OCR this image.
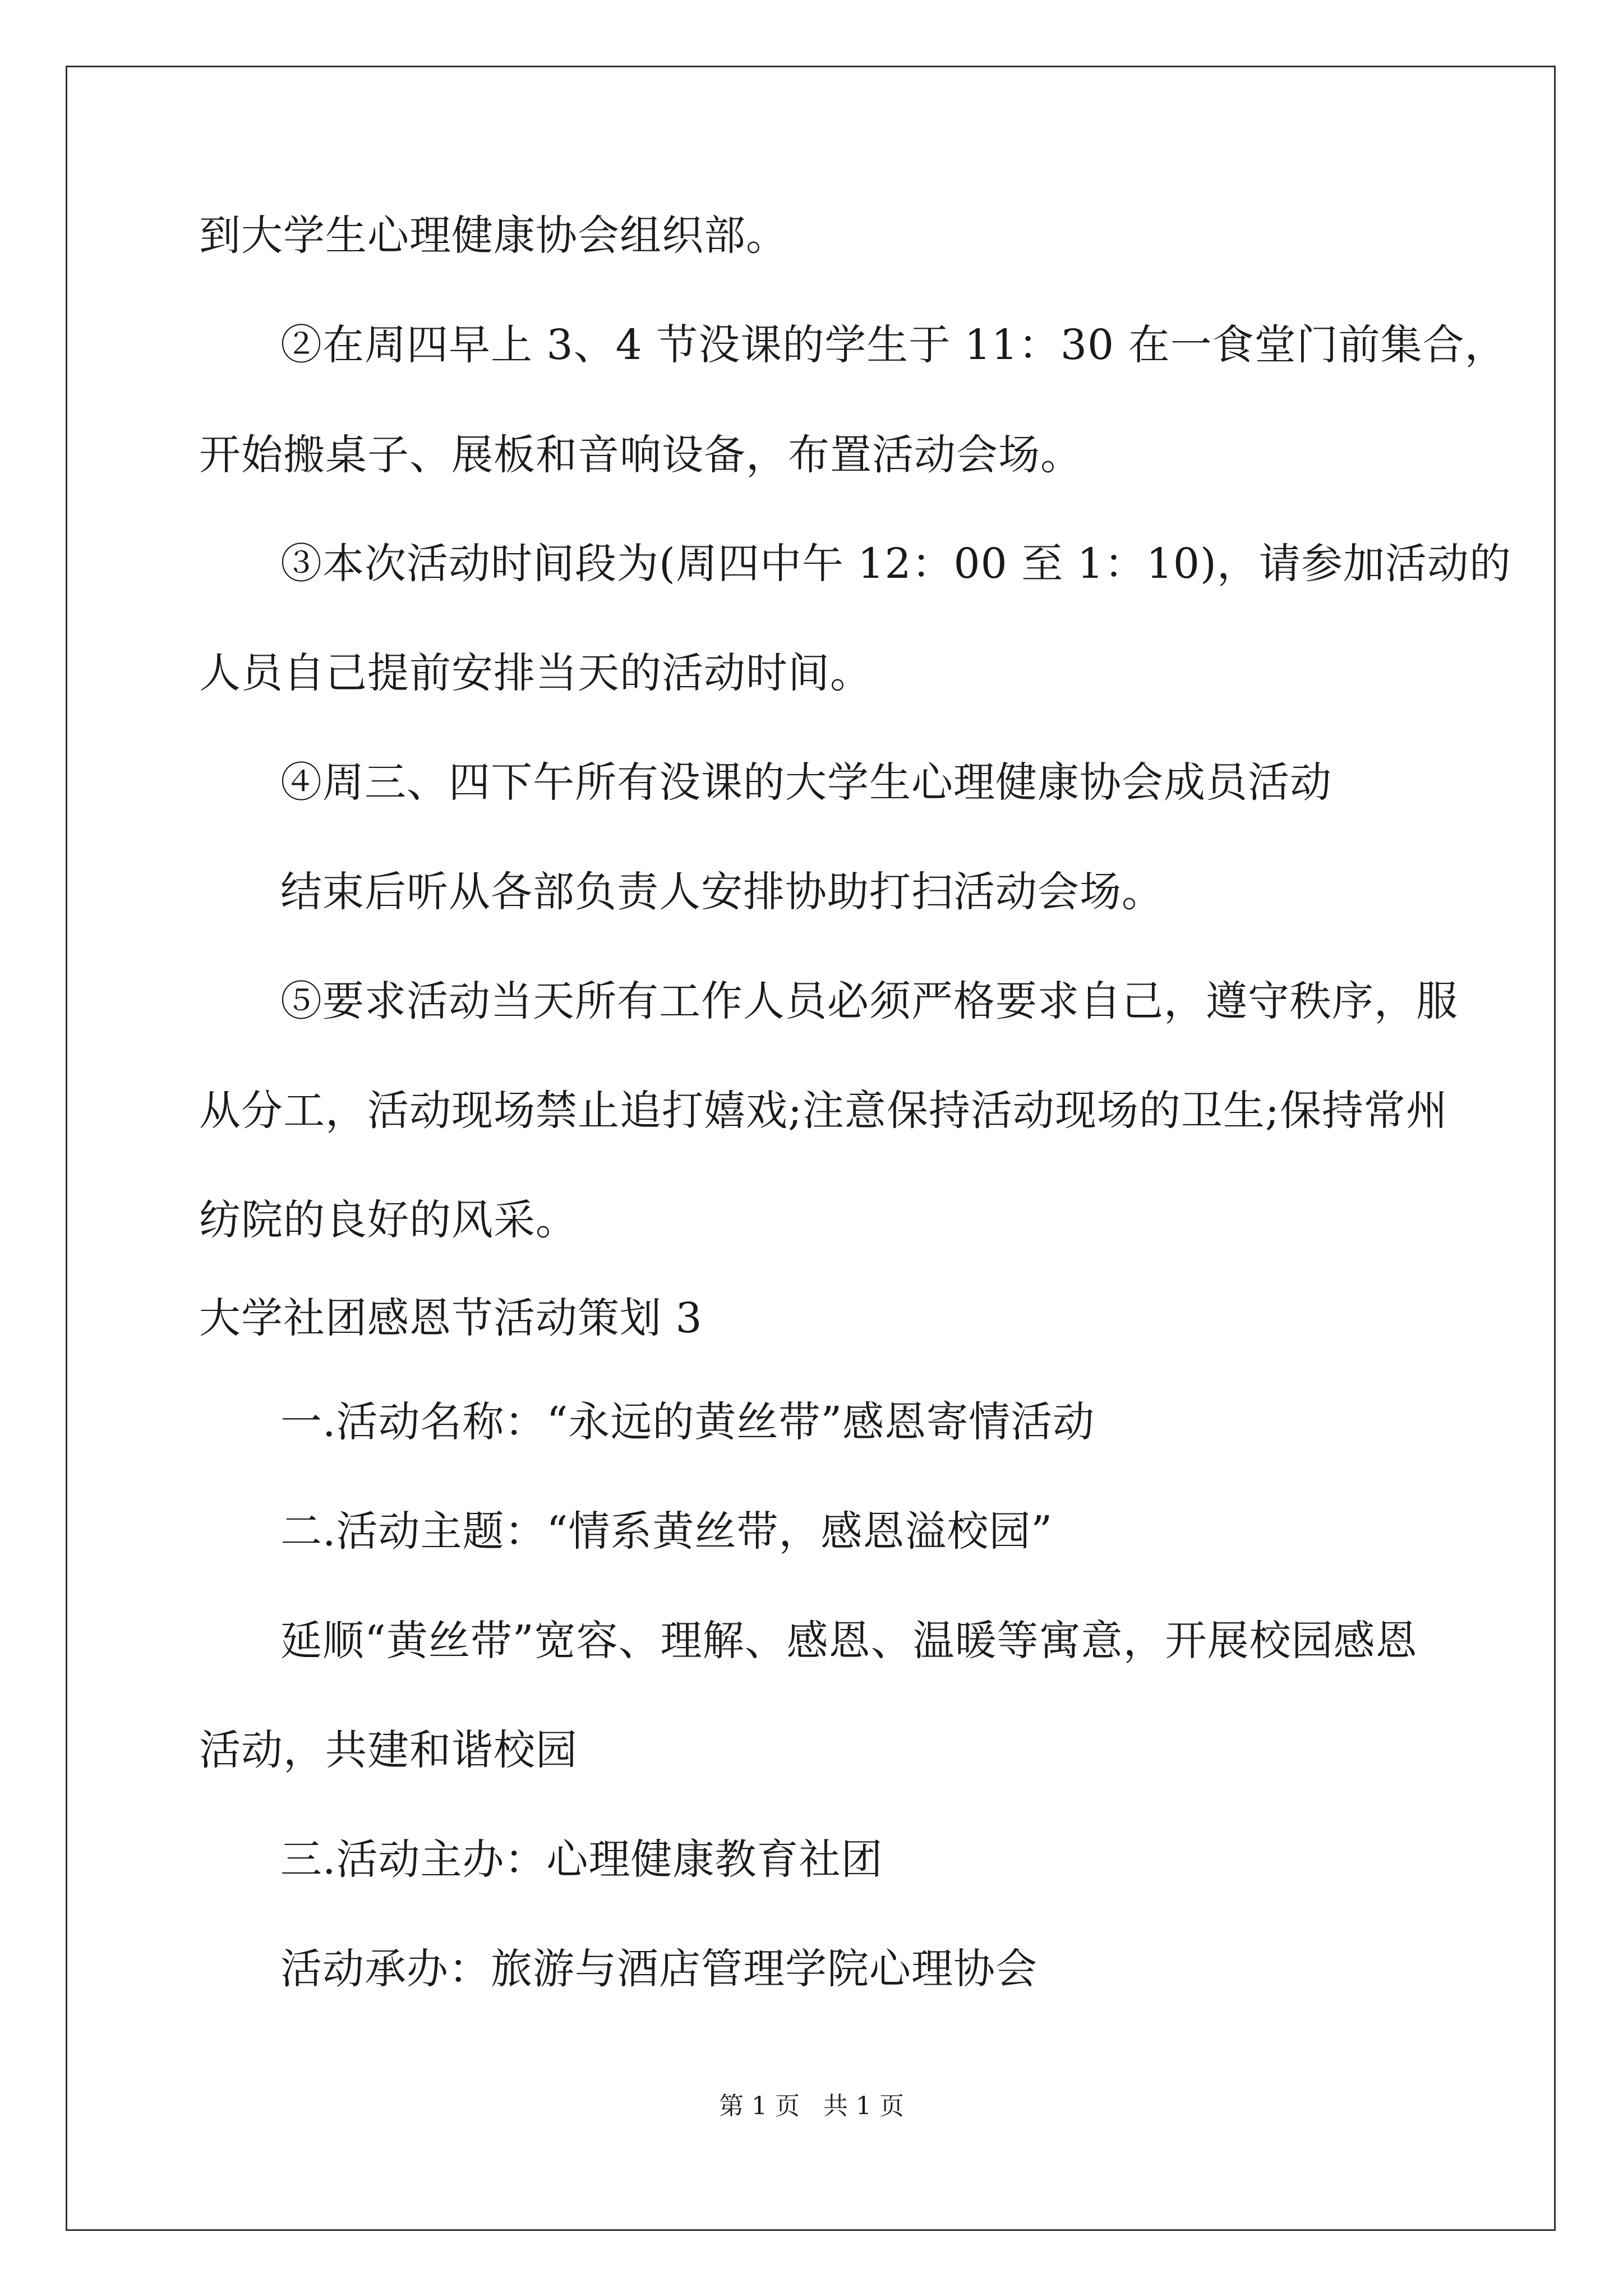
到大学生心理健康协会组织部。
②在周四早上 3、4 节没课的学生于 11：30 在一食堂门前集合，
开始搬桌子、展板和音响设备，布置活动会场。
③本次活动时间段为(周四中午 12：00 至 1：10)，请参加活动的
人员自己提前安排当天的活动时间。
④周三、四下午所有没课的大学生心理健康协会成员活动
结束后听从各部负责人安排协助打扫活动会场。
⑤要求活动当天所有工作人员必须严格要求自己，遵守秩序，服
从分工，活动现场禁止追打嬉戏;注意保持活动现场的卫生;保持常州
纺院的良好的风采。
大学社团感恩节活动策划 3
一.活动名称：“永远的黄丝带”感恩寄情活动
二.活动主题：“情系黄丝带，感恩溢校园”
延顺“黄丝带”宽容、理解、感恩、温暖等寓意，开展校园感恩
活动，共建和谐校园
三.活动主办：心理健康教育社团
活动承办：旅游与酒店管理学院心理协会
第 1 页   共 1 页
